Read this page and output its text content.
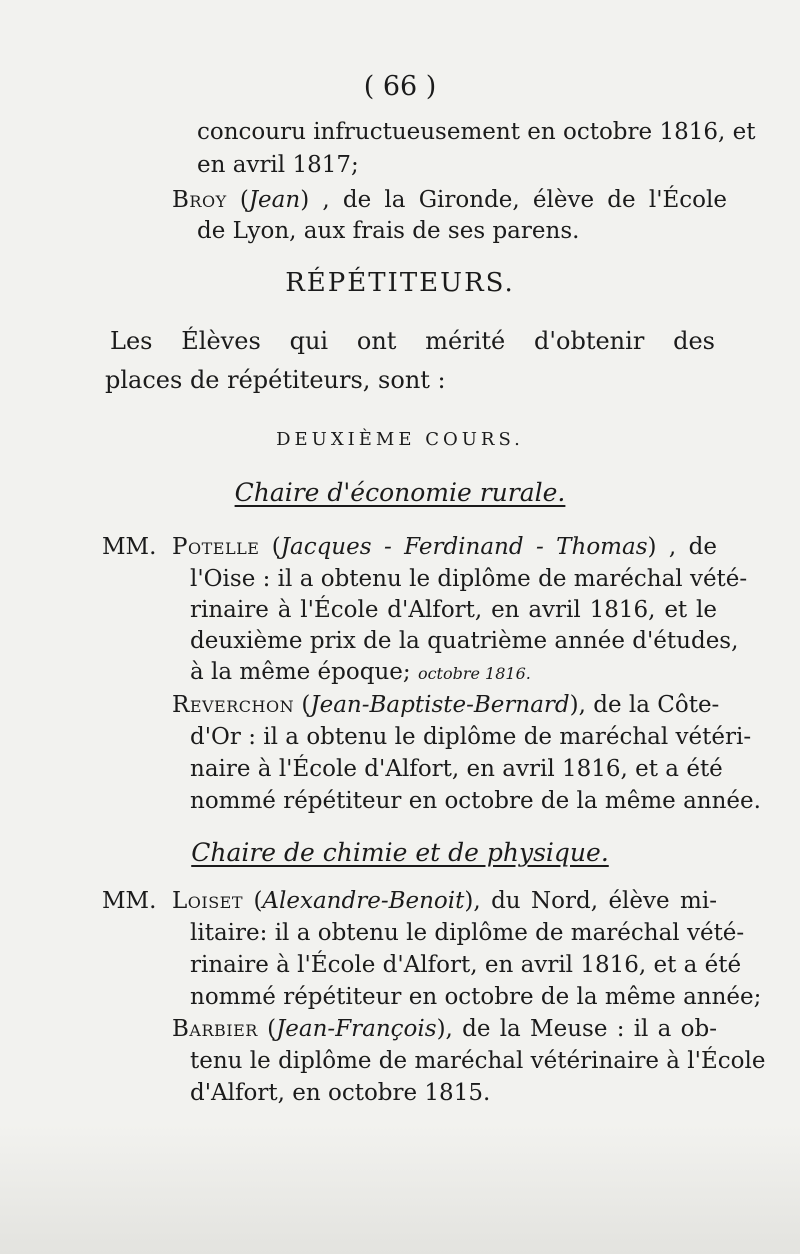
( 66 )
concouru infructueusement en octobre 1816, et
en avril 1817;
Broy (Jean) , de la Gironde, élève de l'École
de Lyon, aux frais de ses parens.
RÉPÉTITEURS.
Les Élèves qui ont mérité d'obtenir des
places de répétiteurs, sont :
DEUXIÈME COURS.
Chaire d'économie rurale.
MM. Potelle (Jacques - Ferdinand - Thomas) , de
l'Oise : il a obtenu le diplôme de maréchal vété-
rinaire à l'École d'Alfort, en avril 1816, et le
deuxième prix de la quatrième année d'études,
à la même époque; octobre 1816.
Reverchon (Jean-Baptiste-Bernard), de la Côte-
d'Or : il a obtenu le diplôme de maréchal vétéri-
naire à l'École d'Alfort, en avril 1816, et a été
nommé répétiteur en octobre de la même année.
Chaire de chimie et de physique.
MM. Loiset (Alexandre-Benoit), du Nord, élève mi-
litaire: il a obtenu le diplôme de maréchal vété-
rinaire à l'École d'Alfort, en avril 1816, et a été
nommé répétiteur en octobre de la même année;
Barbier (Jean-François), de la Meuse : il a ob-
tenu le diplôme de maréchal vétérinaire à l'École
d'Alfort, en octobre 1815.
